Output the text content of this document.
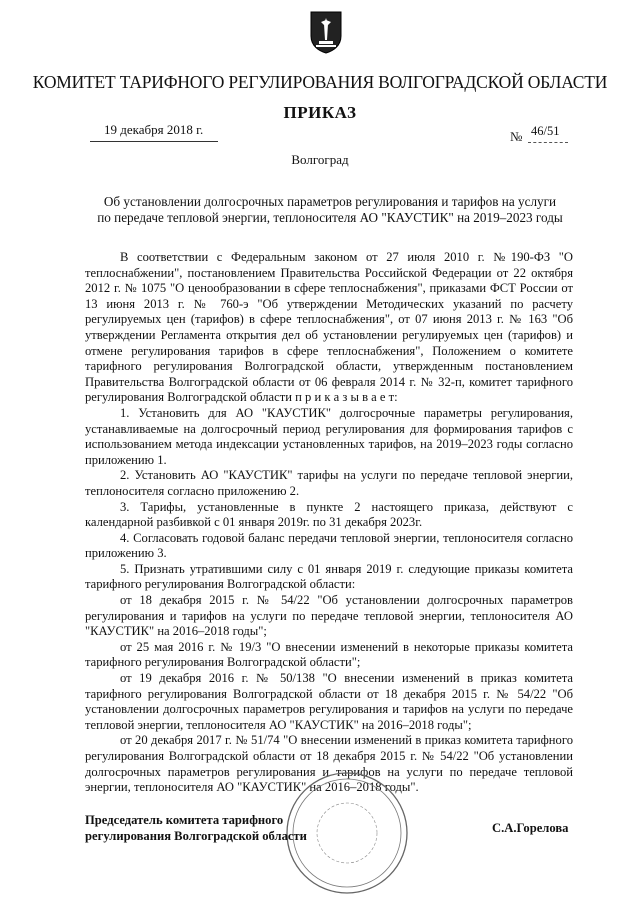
КОМИТЕТ ТАРИФНОГО РЕГУЛИРОВАНИЯ ВОЛГОГРАДСКОЙ ОБЛАСТИ
ПРИКАЗ
19 декабря 2018 г.	№ 46/51
Волгоград
Об установлении долгосрочных параметров регулирования и тарифов на услуги
по передаче тепловой энергии, теплоносителя АО "КАУСТИК" на 2019–2023 годы

В соответствии с Федеральным законом от 27 июля 2010 г. №190-ФЗ "О теплоснабжении", постановлением Правительства Российской Федерации от 22 октября 2012 г. № 1075 "О ценообразовании в сфере теплоснабжения", приказами ФСТ России от 13 июня 2013 г. № 760-э "Об утверждении Методических указаний по расчету регулируемых цен (тарифов) в сфере теплоснабжения", от 07 июня 2013 г. № 163 "Об утверждении Регламента открытия дел об установлении регулируемых цен (тарифов) и отмене регулирования тарифов в сфере теплоснабжения", Положением о комитете тарифного регулирования Волгоградской области, утвержденным постановлением Правительства Волгоградской области от 06 февраля 2014 г. № 32-п, комитет тарифного регулирования Волгоградской области п р и к а з ы в а е т:

1. Установить для АО "КАУСТИК" долгосрочные параметры регулирования, устанавливаемые на долгосрочный период регулирования для формирования тарифов с использованием метода индексации установленных тарифов, на 2019–2023 годы согласно приложению 1.

2. Установить АО "КАУСТИК" тарифы на услуги по передаче тепловой энергии, теплоносителя согласно приложению 2.

3. Тарифы, установленные в пункте 2 настоящего приказа, действуют с календарной разбивкой с 01 января 2019г. по 31 декабря 2023г.

4. Согласовать годовой баланс передачи тепловой энергии, теплоносителя согласно приложению 3.

5. Признать утратившими силу с 01 января 2019 г. следующие приказы комитета тарифного регулирования Волгоградской области:

от 18 декабря 2015 г. № 54/22 "Об установлении долгосрочных параметров регулирования и тарифов на услуги по передаче тепловой энергии, теплоносителя АО "КАУСТИК" на 2016–2018 годы";

от 25 мая 2016 г. № 19/3 "О внесении изменений в некоторые приказы комитета тарифного регулирования Волгоградской области";

от 19 декабря 2016 г. № 50/138 "О внесении изменений в приказ комитета тарифного регулирования Волгоградской области от 18 декабря 2015 г. № 54/22 "Об установлении долгосрочных параметров регулирования и тарифов на услуги по передаче тепловой энергии, теплоносителя АО "КАУСТИК" на 2016–2018 годы";

от 20 декабря 2017 г. № 51/74 "О внесении изменений в приказ комитета тарифного регулирования Волгоградской области от 18 декабря 2015 г. № 54/22 "Об установлении долгосрочных параметров регулирования и тарифов на услуги по передаче тепловой энергии, теплоносителя АО "КАУСТИК" на 2016–2018 годы".

Председатель комитета тарифного
регулирования Волгоградской области
С.А.Горелова
